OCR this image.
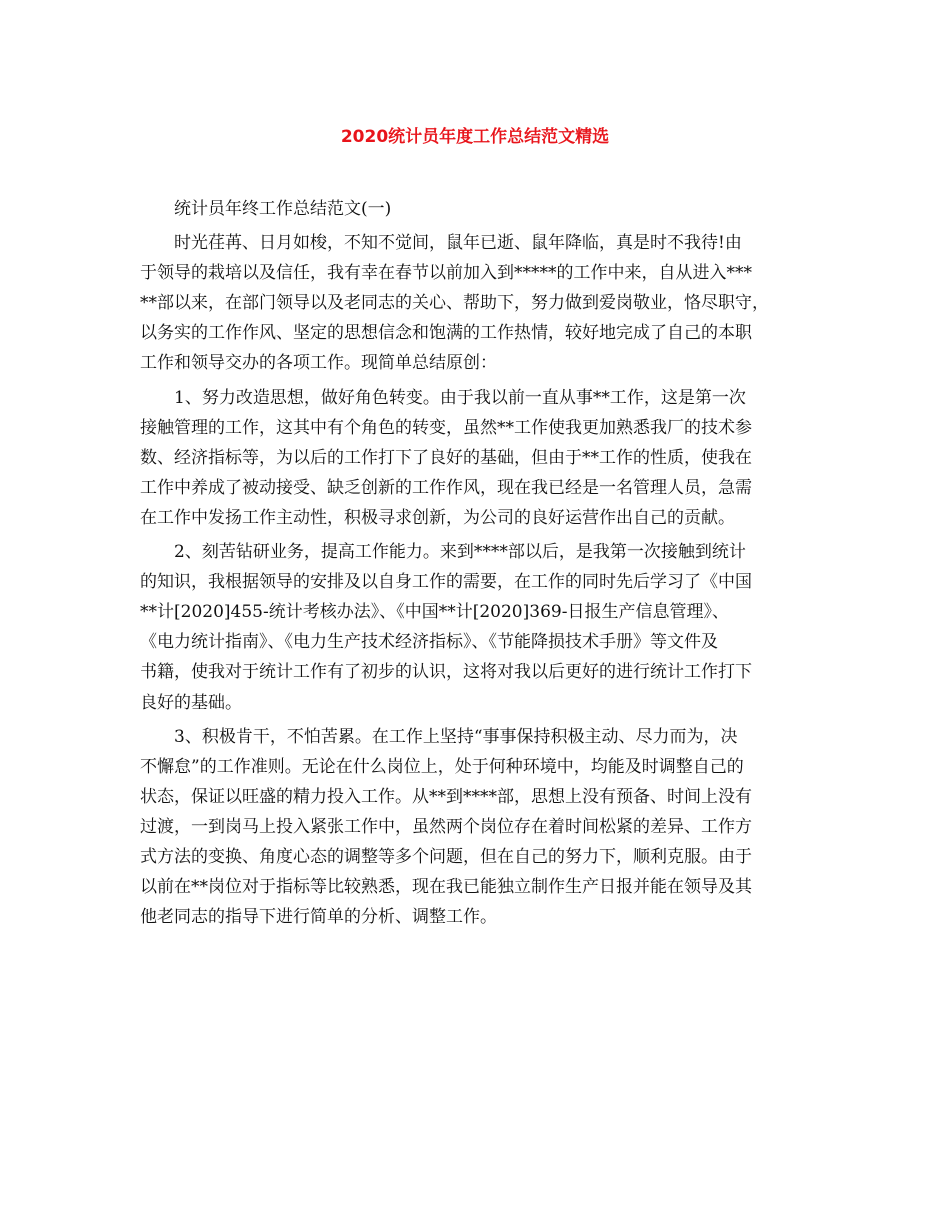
2020统计员年度工作总结范文精选
统计员年终工作总结范文(一)
时光荏苒、日月如梭，不知不觉间，鼠年已逝、鼠年降临，真是时不我待!由
于领导的栽培以及信任，我有幸在春节以前加入到*****的工作中来，自从进入***
**部以来，在部门领导以及老同志的关心、帮助下，努力做到爱岗敬业，恪尽职守，
以务实的工作作风、坚定的思想信念和饱满的工作热情，较好地完成了自己的本职
工作和领导交办的各项工作。现简单总结原创：
1、努力改造思想，做好角色转变。由于我以前一直从事**工作，这是第一次
接触管理的工作，这其中有个角色的转变，虽然**工作使我更加熟悉我厂的技术参
数、经济指标等，为以后的工作打下了良好的基础，但由于**工作的性质，使我在
工作中养成了被动接受、缺乏创新的工作作风，现在我已经是一名管理人员，急需
在工作中发扬工作主动性，积极寻求创新，为公司的良好运营作出自己的贡献。
2、刻苦钻研业务，提高工作能力。来到****部以后，是我第一次接触到统计
的知识，我根据领导的安排及以自身工作的需要，在工作的同时先后学习了《中国
**计[2020]455-统计考核办法》、《中国**计[2020]369-日报生产信息管理》、
《电力统计指南》、《电力生产技术经济指标》、《节能降损技术手册》等文件及
书籍，使我对于统计工作有了初步的认识，这将对我以后更好的进行统计工作打下
良好的基础。
3、积极肯干，不怕苦累。在工作上坚持“事事保持积极主动、尽力而为，决
不懈怠”的工作准则。无论在什么岗位上，处于何种环境中，均能及时调整自己的
状态，保证以旺盛的精力投入工作。从**到****部，思想上没有预备、时间上没有
过渡，一到岗马上投入紧张工作中，虽然两个岗位存在着时间松紧的差异、工作方
式方法的变换、角度心态的调整等多个问题，但在自己的努力下，顺利克服。由于
以前在**岗位对于指标等比较熟悉，现在我已能独立制作生产日报并能在领导及其
他老同志的指导下进行简单的分析、调整工作。
